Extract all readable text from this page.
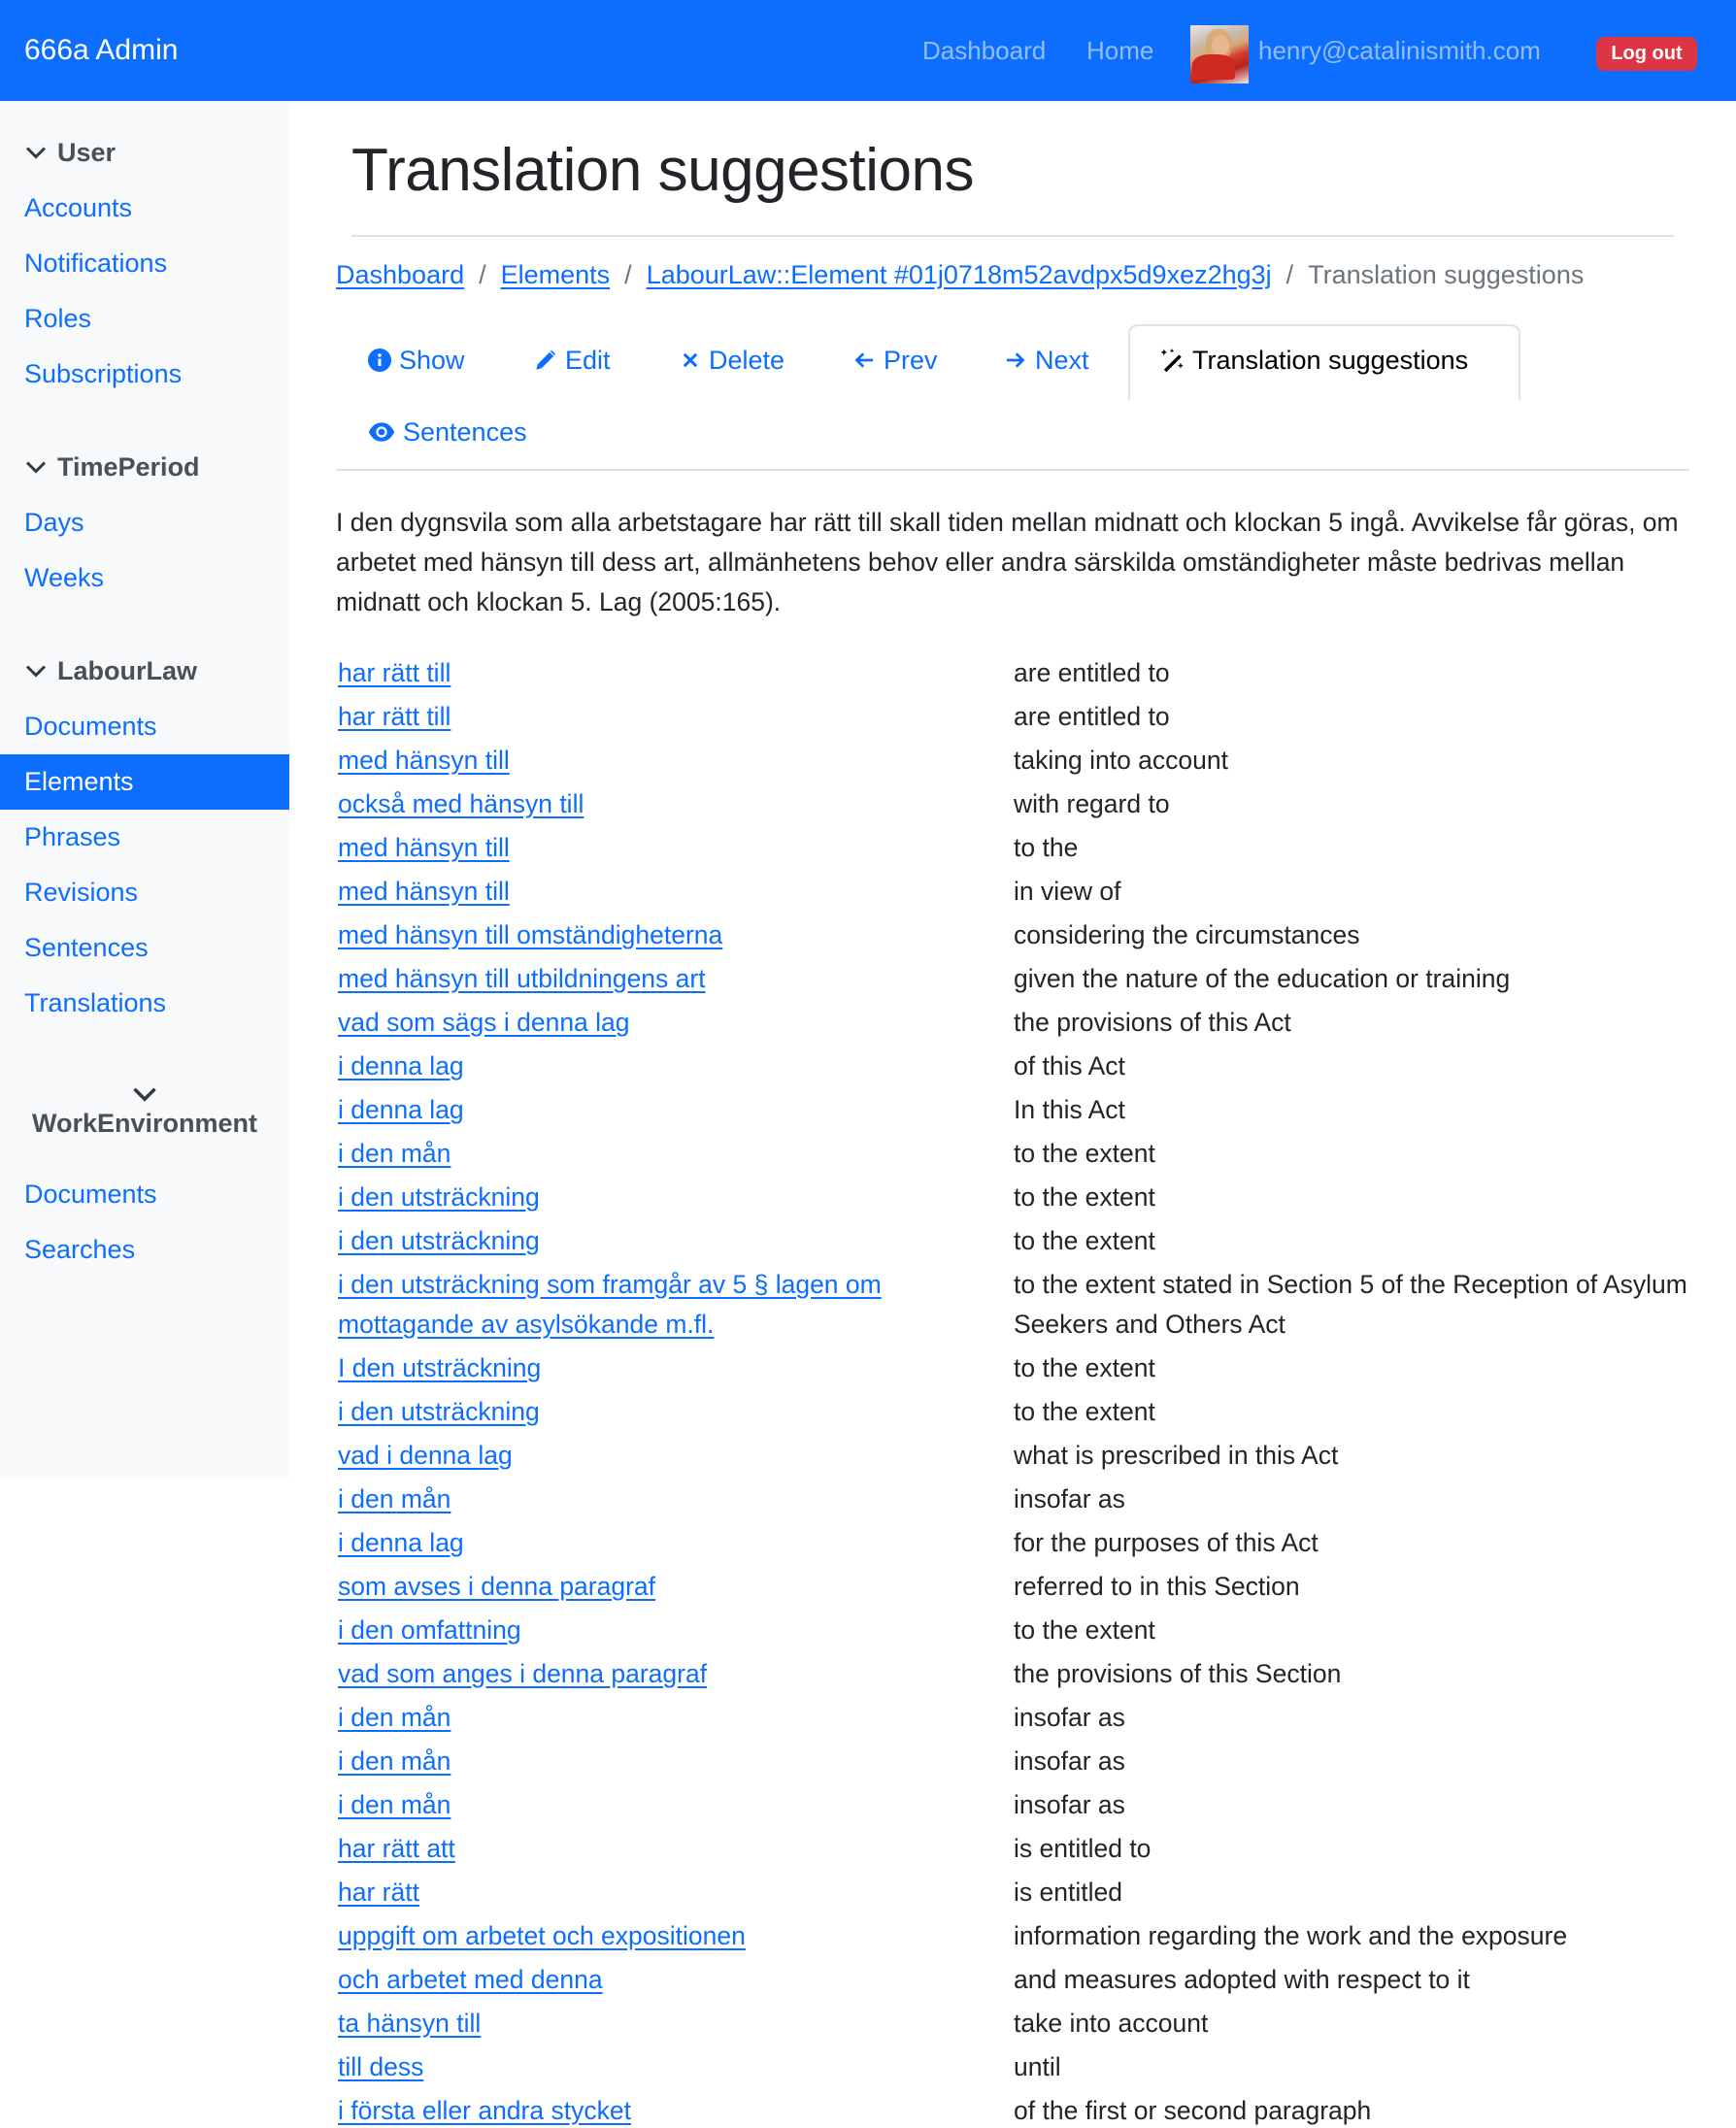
666a Admin	Dashboard Home	henry@catalinismith.com	Log out
User
Accounts
Notifications
Roles
Subscriptions
TimePeriod
Days
Weeks
LabourLaw
Documents
Elements
Phrases
Revisions
Sentences
Translations
WorkEnvironment
Documents
Searches
Translation suggestions
Dashboard / Elements / LabourLaw::Element #01j0718m52avdpx5d9xez2hg3j / Translation suggestions
Show	Edit	Delete	Prev	Next	Translation suggestions
Sentences

I den dygnsvila som alla arbetstagare har rätt till skall tiden mellan midnatt och klockan 5 ingå. Avvikelse får göras, om arbetet med hänsyn till dess art, allmänhetens behov eller andra särskilda omständigheter måste bedrivas mellan midnatt och klockan 5. Lag (2005:165).

har rätt till	are entitled to
har rätt till	are entitled to
med hänsyn till	taking into account
också med hänsyn till	with regard to
med hänsyn till	to the
med hänsyn till	in view of
med hänsyn till omständigheterna	considering the circumstances
med hänsyn till utbildningens art	given the nature of the education or training
vad som sägs i denna lag	the provisions of this Act
i denna lag	of this Act
i denna lag	In this Act
i den mån	to the extent
i den utsträckning	to the extent
i den utsträckning	to the extent
i den utsträckning som framgår av 5 § lagen om mottagande av asylsökande m.fl.	to the extent stated in Section 5 of the Reception of Asylum Seekers and Others Act
I den utsträckning	to the extent
i den utsträckning	to the extent
vad i denna lag	what is prescribed in this Act
i den mån	insofar as
i denna lag	for the purposes of this Act
som avses i denna paragraf	referred to in this Section
i den omfattning	to the extent
vad som anges i denna paragraf	the provisions of this Section
i den mån	insofar as
i den mån	insofar as
i den mån	insofar as
har rätt att	is entitled to
har rätt	is entitled
uppgift om arbetet och expositionen	information regarding the work and the exposure
och arbetet med denna	and measures adopted with respect to it
ta hänsyn till	take into account
till dess	until
i första eller andra stycket	of the first or second paragraph
